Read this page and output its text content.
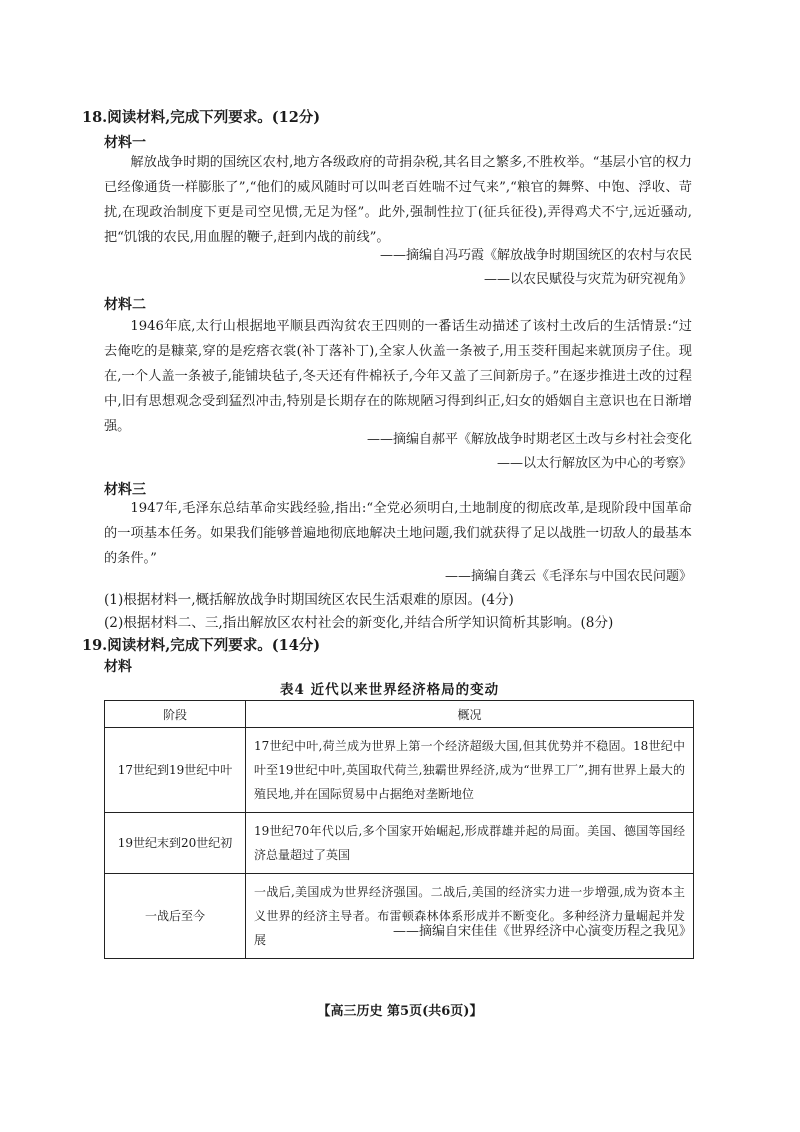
18.阅读材料,完成下列要求。(12分)
材料一
解放战争时期的国统区农村,地方各级政府的苛捐杂税,其名目之繁多,不胜枚举。“基层小官的权力已经像通货一样膨胀了”,“他们的威风随时可以叫老百姓喘不过气来”,“粮官的舞弊、中饱、浮收、苛扰,在现政治制度下更是司空见惯,无足为怪”。此外,强制性拉丁(征兵征役),弄得鸡犬不宁,远近骚动,把“饥饿的农民,用血腥的鞭子,赶到内战的前线”。
——摘编自冯巧霞《解放战争时期国统区的农村与农民
——以农民赋役与灾荒为研究视角》
材料二
1946年底,太行山根据地平顺县西沟贫农王四则的一番话生动描述了该村土改后的生活情景:“过去俺吃的是糠菜,穿的是疙瘩衣裳(补丁落补丁),全家人伙盖一条被子,用玉茭秆围起来就顶房子住。现在,一个人盖一条被子,能铺块毡子,冬天还有件棉袄子,今年又盖了三间新房子。”在逐步推进土改的过程中,旧有思想观念受到猛烈冲击,特别是长期存在的陈规陋习得到纠正,妇女的婚姻自主意识也在日渐增强。
——摘编自郝平《解放战争时期老区土改与乡村社会变化
——以太行解放区为中心的考察》
材料三
1947年,毛泽东总结革命实践经验,指出:“全党必须明白,土地制度的彻底改革,是现阶段中国革命的一项基本任务。如果我们能够普遍地彻底地解决土地问题,我们就获得了足以战胜一切敌人的最基本的条件。”
——摘编自龚云《毛泽东与中国农民问题》
(1)根据材料一,概括解放战争时期国统区农民生活艰难的原因。(4分)
(2)根据材料二、三,指出解放区农村社会的新变化,并结合所学知识简析其影响。(8分)
19.阅读材料,完成下列要求。(14分)
材料
表4 近代以来世界经济格局的变动
阶段	概况
17世纪到19世纪中叶	17世纪中叶,荷兰成为世界上第一个经济超级大国,但其优势并不稳固。18世纪中叶至19世纪中叶,英国取代荷兰,独霸世界经济,成为“世界工厂”,拥有世界上最大的殖民地,并在国际贸易中占据绝对垄断地位
19世纪末到20世纪初	19世纪70年代以后,多个国家开始崛起,形成群雄并起的局面。美国、德国等国经济总量超过了英国
一战后至今	一战后,美国成为世界经济强国。二战后,美国的经济实力进一步增强,成为资本主义世界的经济主导者。布雷顿森林体系形成并不断变化。多种经济力量崛起并发展
——摘编自宋佳佳《世界经济中心演变历程之我见》
【高三历史 第5页(共6页)】
